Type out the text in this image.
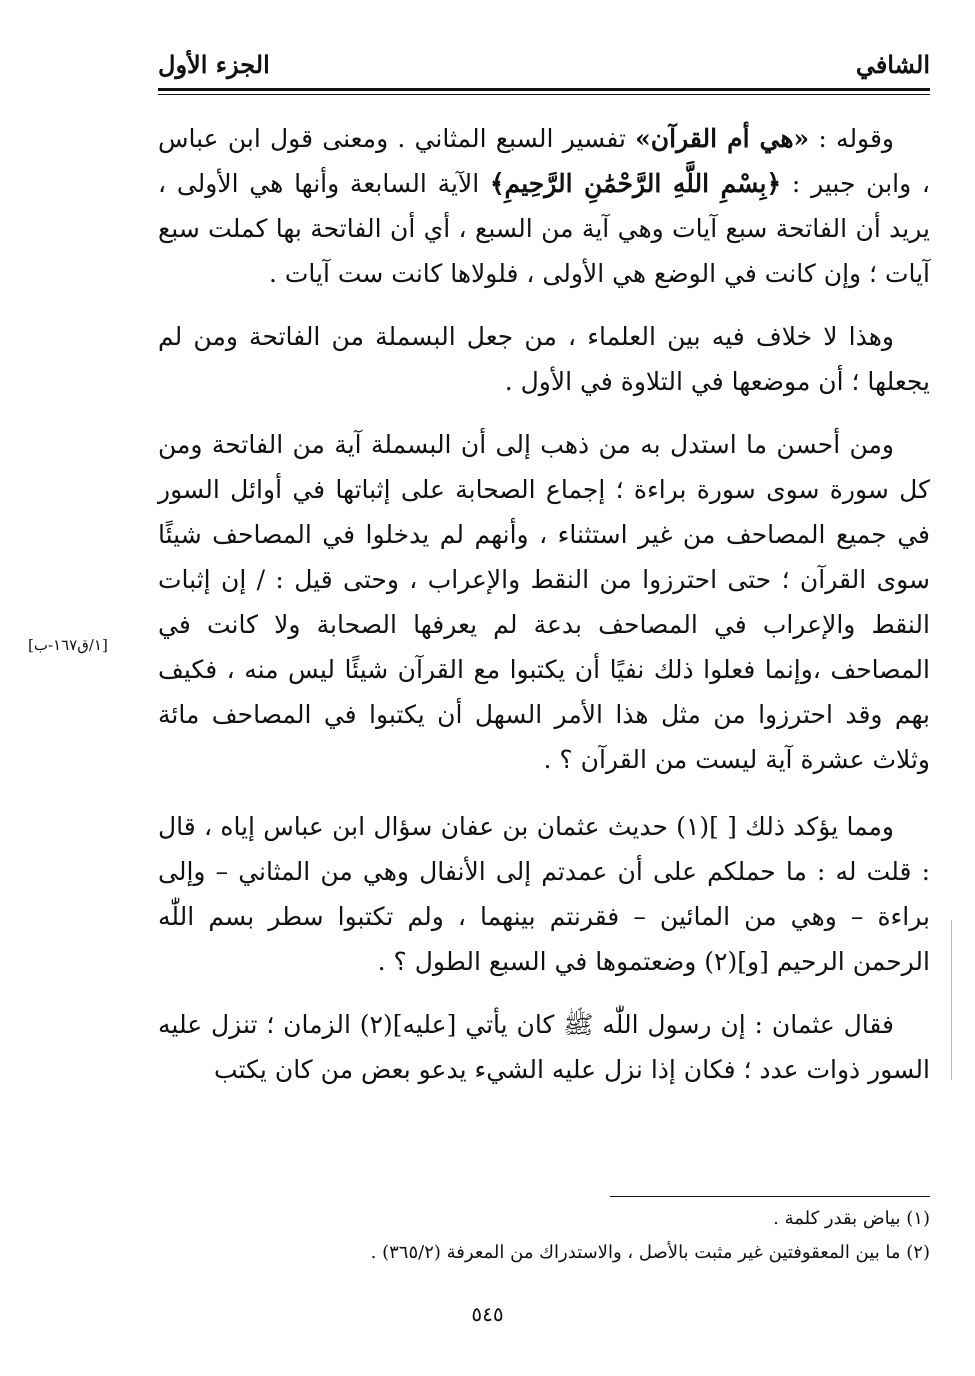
الشافي
الجزء الأول
[١/ق١٦٧-ب]

وقوله : «هي أم القرآن» تفسير السبع المثاني . ومعنى قول ابن عباس ، وابن جبير : ﴿بِسْمِ اللَّهِ الرَّحْمَٰنِ الرَّحِيمِ﴾ الآية السابعة وأنها هي الأولى ، يريد أن الفاتحة سبع آيات وهي آية من السبع ، أي أن الفاتحة بها كملت سبع آيات ؛ وإن كانت في الوضع هي الأولى ، فلولاها كانت ست آيات .

وهذا لا خلاف فيه بين العلماء ، من جعل البسملة من الفاتحة ومن لم يجعلها ؛ أن موضعها في التلاوة في الأول .

ومن أحسن ما استدل به من ذهب إلى أن البسملة آية من الفاتحة ومن كل سورة سوى سورة براءة ؛ إجماع الصحابة على إثباتها في أوائل السور في جميع المصاحف من غير استثناء ، وأنهم لم يدخلوا في المصاحف شيئًا سوى القرآن ؛ حتى احترزوا من النقط والإعراب ، وحتى قيل : / إن إثبات النقط والإعراب في المصاحف بدعة لم يعرفها الصحابة ولا كانت في المصاحف ،وإنما فعلوا ذلك نفيًا أن يكتبوا مع القرآن شيئًا ليس منه ، فكيف بهم وقد احترزوا من مثل هذا الأمر السهل أن يكتبوا في المصاحف مائة وثلاث عشرة آية ليست من القرآن ؟ .

ومما يؤكد ذلك [ ](١) حديث عثمان بن عفان سؤال ابن عباس إياه ، قال : قلت له : ما حملكم على أن عمدتم إلى الأنفال وهي من المثاني – وإلى براءة – وهي من المائين – فقرنتم بينهما ، ولم تكتبوا سطر بسم اللّٰه الرحمن الرحيم [و](٢) وضعتموها في السبع الطول ؟ .

فقال عثمان : إن رسول اللّٰه ﷺ كان يأتي [عليه](٢) الزمان ؛ تنزل عليه السور ذوات عدد ؛ فكان إذا نزل عليه الشيء يدعو بعض من كان يكتب

(١) بياض بقدر كلمة .

(٢) ما بين المعقوفتين غير مثبت بالأصل ، والاستدراك من المعرفة (٣٦٥/٢) .

٥٤٥
